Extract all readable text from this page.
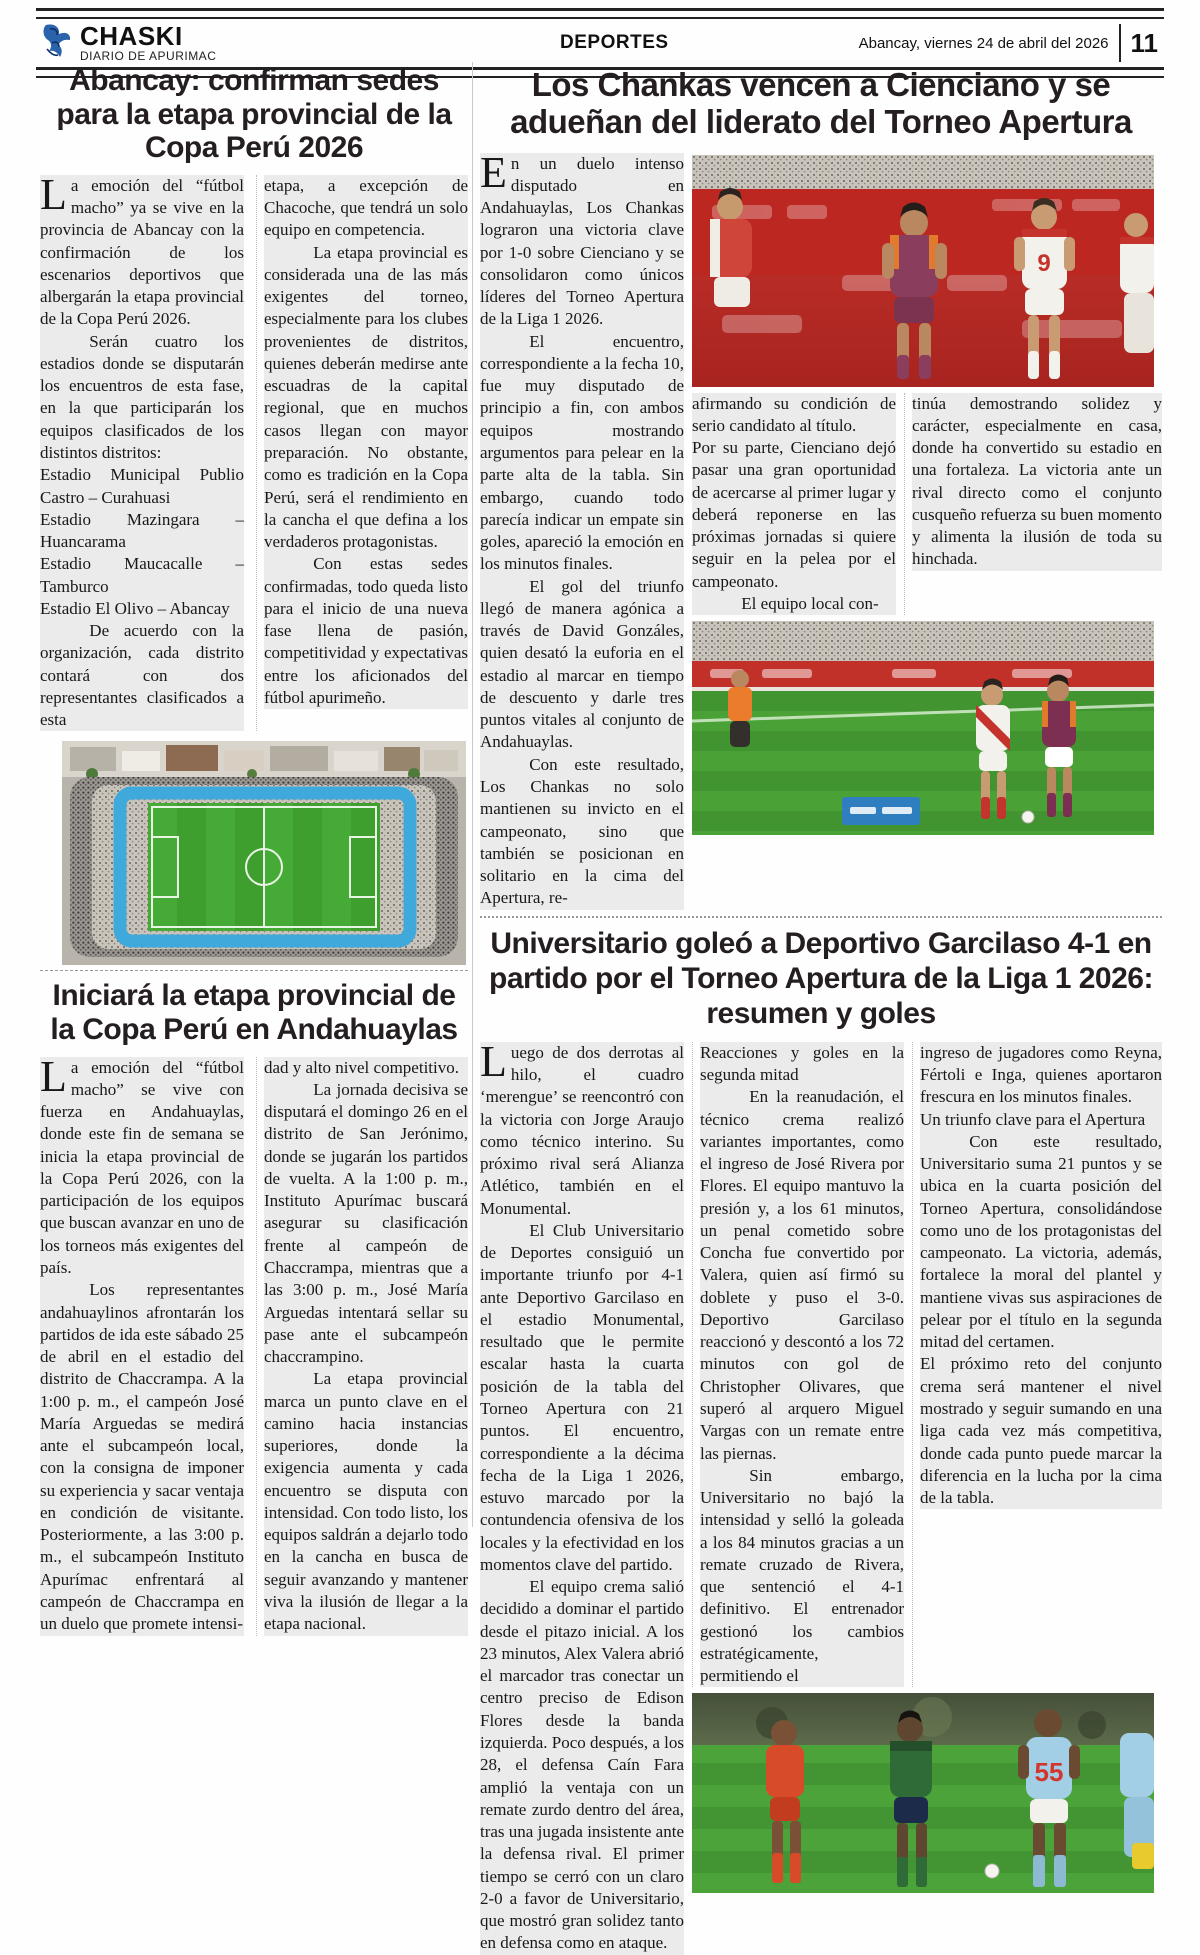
CHASKI
DIARIO DE APURIMAC
DEPORTES	Abancay, viernes 24 de abril del 2026 11
Abancay: confirman sedes para la etapa provincial de la Copa Perú 2026

La emoción del “fútbol macho” ya se vive en la provincia de Abancay con la confirmación de los escenarios deportivos que albergarán la etapa provincial de la Copa Perú 2026.

Serán cuatro los estadios donde se disputarán los encuentros de esta fase, en la que participarán los equipos clasificados de los distintos distritos:

Estadio Municipal Publio Castro – Curahuasi

Estadio Mazingara – Huancarama

Estadio Maucacalle – Tamburco

Estadio El Olivo – Abancay

De acuerdo con la organización, cada distrito contará con dos representantes clasificados a esta

etapa, a excepción de Chacoche, que tendrá un solo equipo en competencia.

La etapa provincial es considerada una de las más exigentes del torneo, especialmente para los clubes provenientes de distritos, quienes deberán medirse ante escuadras de la capital regional, que en muchos casos llegan con mayor preparación. No obstante, como es tradición en la Copa Perú, será el rendimiento en la cancha el que defina a los verdaderos protagonistas.

Con estas sedes confirmadas, todo queda listo para el inicio de una nueva fase llena de pasión, competitividad y expectativas entre los aficionados del fútbol apurimeño.

Iniciará la etapa provincial de la Copa Perú en Andahuaylas

La emoción del “fútbol macho” se vive con fuerza en Andahuaylas, donde este fin de semana se inicia la etapa provincial de la Copa Perú 2026, con la participación de los equipos que buscan avanzar en uno de los torneos más exigentes del país.

Los representantes andahuaylinos afrontarán los partidos de ida este sábado 25 de abril en el estadio del distrito de Chaccrampa. A la 1:00 p. m., el campeón José María Arguedas se medirá ante el subcampeón local, con la consigna de imponer su experiencia y sacar ventaja en condición de visitante. Posteriormente, a las 3:00 p. m., el subcampeón Instituto Apurímac enfrentará al campeón de Chaccrampa en un duelo que promete intensi-

dad y alto nivel competitivo.

La jornada decisiva se disputará el domingo 26 en el distrito de San Jerónimo, donde se jugarán los partidos de vuelta. A la 1:00 p. m., Instituto Apurímac buscará asegurar su clasificación frente al campeón de Chaccrampa, mientras que a las 3:00 p. m., José María Arguedas intentará sellar su pase ante el subcampeón chaccrampino.

La etapa provincial marca un punto clave en el camino hacia instancias superiores, donde la exigencia aumenta y cada encuentro se disputa con intensidad. Con todo listo, los equipos saldrán a dejarlo todo en la cancha en busca de seguir avanzando y mantener viva la ilusión de llegar a la etapa nacional.

Los Chankas vencen a Cienciano y se adueñan del liderato del Torneo Apertura

En un duelo intenso disputado en Andahuaylas, Los Chankas lograron una victoria clave por 1-0 sobre Cienciano y se consolidaron como únicos líderes del Torneo Apertura de la Liga 1 2026.

El encuentro, correspondiente a la fecha 10, fue muy disputado de principio a fin, con ambos equipos mostrando argumentos para pelear en la parte alta de la tabla. Sin embargo, cuando todo parecía indicar un empate sin goles, apareció la emoción en los minutos finales.

El gol del triunfo llegó de manera agónica a través de David Gonzáles, quien desató la euforia en el estadio al marcar en tiempo de descuento y darle tres puntos vitales al conjunto de Andahuaylas.

Con este resultado, Los Chankas no solo mantienen su invicto en el campeonato, sino que también se posicionan en solitario en la cima del Apertura, re-

9

afirmando su condición de serio candidato al título.

Por su parte, Cienciano dejó pasar una gran oportunidad de acercarse al primer lugar y deberá reponerse en las próximas jornadas si quiere seguir en la pelea por el campeonato.

El equipo local con-

tinúa demostrando solidez y carácter, especialmente en casa, donde ha convertido su estadio en una fortaleza. La victoria ante un rival directo como el conjunto cusqueño refuerza su buen momento y alimenta la ilusión de toda su hinchada.

Universitario goleó a Deportivo Garcilaso 4-1 en partido por el Torneo Apertura de la Liga 1 2026: resumen y goles

Luego de dos derrotas al hilo, el cuadro ‘merengue’ se reencontró con la victoria con Jorge Araujo como técnico interino. Su próximo rival será Alianza Atlético, también en el Monumental.

El Club Universitario de Deportes consiguió un importante triunfo por 4-1 ante Deportivo Garcilaso en el estadio Monumental, resultado que le permite escalar hasta la cuarta posición de la tabla del Torneo Apertura con 21 puntos. El encuentro, correspondiente a la décima fecha de la Liga 1 2026, estuvo marcado por la contundencia ofensiva de los locales y la efectividad en los momentos clave del partido.

El equipo crema salió decidido a dominar el partido desde el pitazo inicial. A los 23 minutos, Alex Valera abrió el marcador tras conectar un centro preciso de Edison Flores desde la banda izquierda. Poco después, a los 28, el defensa Caín Fara amplió la ventaja con un remate zurdo dentro del área, tras una jugada insistente ante la defensa rival. El primer tiempo se cerró con un claro 2-0 a favor de Universitario, que mostró gran solidez tanto en defensa como en ataque.

Reacciones y goles en la segunda mitad

En la reanudación, el técnico crema realizó variantes importantes, como el ingreso de José Rivera por Flores. El equipo mantuvo la presión y, a los 61 minutos, un penal cometido sobre Concha fue convertido por Valera, quien así firmó su doblete y puso el 3-0. Deportivo Garcilaso reaccionó y descontó a los 72 minutos con gol de Christopher Olivares, que superó al arquero Miguel Vargas con un remate entre las piernas.

Sin embargo, Universitario no bajó la intensidad y selló la goleada a los 84 minutos gracias a un remate cruzado de Rivera, que sentenció el 4-1 definitivo. El entrenador gestionó los cambios estratégicamente, permitiendo el

ingreso de jugadores como Reyna, Fértoli e Inga, quienes aportaron frescura en los minutos finales.

Un triunfo clave para el Apertura

Con este resultado, Universitario suma 21 puntos y se ubica en la cuarta posición del Torneo Apertura, consolidándose como uno de los protagonistas del campeonato. La victoria, además, fortalece la moral del plantel y mantiene vivas sus aspiraciones de pelear por el título en la segunda mitad del certamen.

El próximo reto del conjunto crema será mantener el nivel mostrado y seguir sumando en una liga cada vez más competitiva, donde cada punto puede marcar la diferencia en la lucha por la cima de la tabla.

55
